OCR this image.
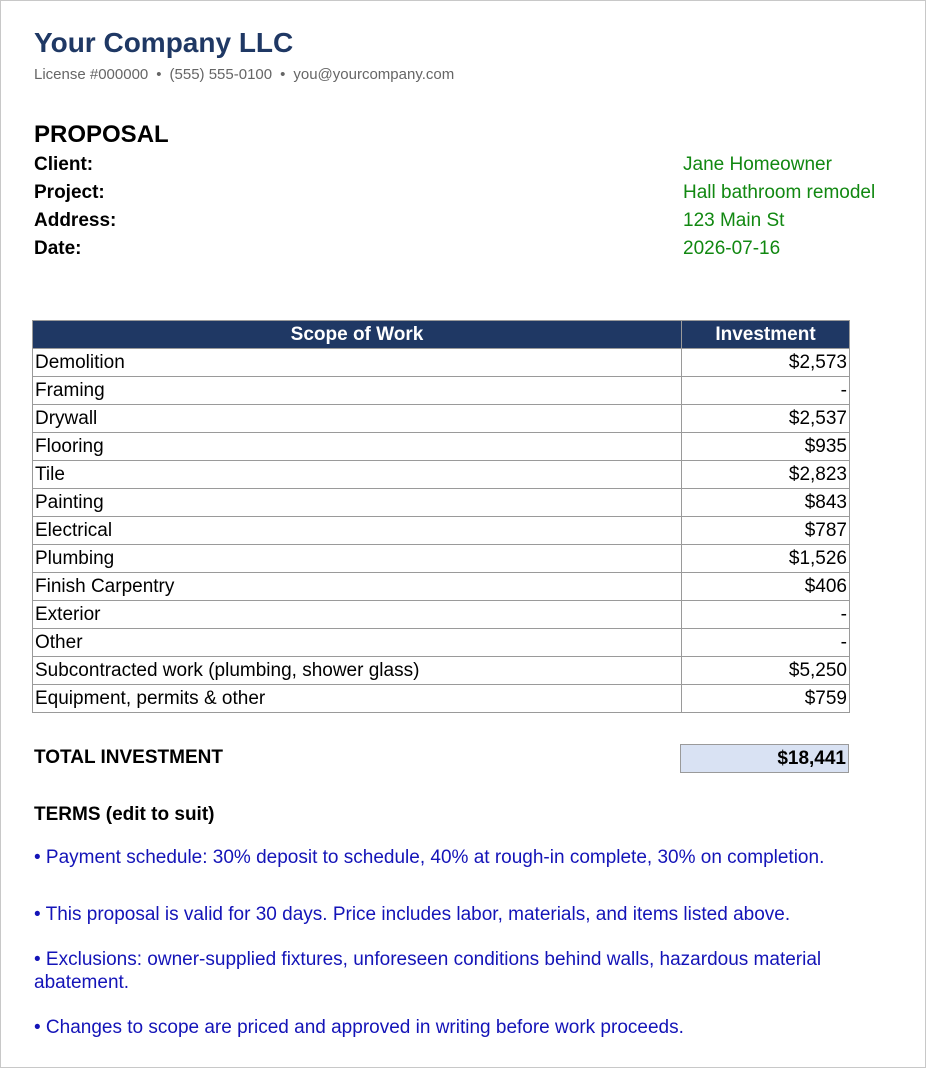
Your Company LLC
License #000000 • (555) 555-0100 • you@yourcompany.com
PROPOSAL
Client:	Jane Homeowner
Project:	Hall bathroom remodel
Address:	123 Main St
Date:	2026-07-16
Scope of Work	Investment
Demolition	$2,573
Framing	-
Drywall	$2,537
Flooring	$935
Tile	$2,823
Painting	$843
Electrical	$787
Plumbing	$1,526
Finish Carpentry	$406
Exterior	-
Other	-
Subcontracted work (plumbing, shower glass)	$5,250
Equipment, permits & other	$759
TOTAL INVESTMENT	$18,441
TERMS (edit to suit)
• Payment schedule: 30% deposit to schedule, 40% at rough-in complete, 30% on completion.
• This proposal is valid for 30 days. Price includes labor, materials, and items listed above.
• Exclusions: owner-supplied fixtures, unforeseen conditions behind walls, hazardous material abatement.
• Changes to scope are priced and approved in writing before work proceeds.
